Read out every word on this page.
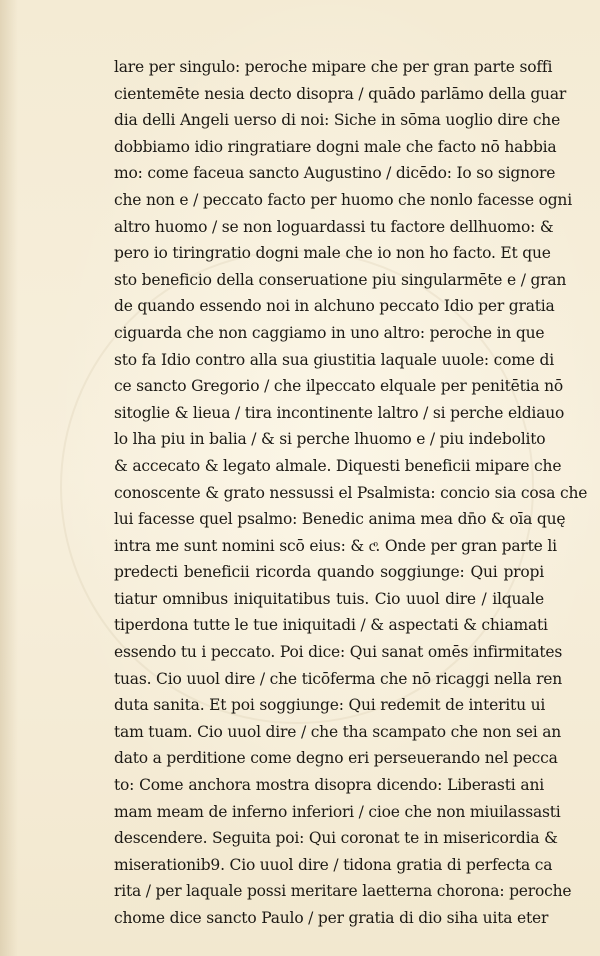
lare per singulo: peroche mipare che per gran parte soffi
cientemēte nesia decto disopra / quādo parlāmo della guar
dia delli Angeli uerso di noi: Siche in sōma uoglio dire che
dobbiamo idio ringratiare dogni male che facto nō habbia
mo: come faceua sancto Augustino / dicēdo: Io so signore
che non e / peccato facto per huomo che nonlo facesse ogni
altro huomo / se non loguardassi tu factore dellhuomo: &
pero io tiringratio dogni male che io non ho facto. Et que
sto beneficio della conseruatione piu singularmēte e / gran
de quando essendo noi in alchuno peccato Idio per gratia
ciguarda che non caggiamo in uno altro: peroche in que
sto fa Idio contro alla sua giustitia laquale uuole: come di
ce sancto Gregorio / che ilpeccato elquale per penitētia nō
sitoglie & lieua / tira incontinente laltro / si perche eldiauo
lo lha piu in balia / & si perche lhuomo e / piu indebolito
& accecato & legato almale. Diquesti beneficii mipare che
conoscente & grato nessussi el Psalmista: concio sia cosa che
lui facesse quel psalmo: Benedic anima mea dn̄o & oīa quę
intra me sunt nomini scō eius: & cͦ. Onde per gran parte li
predecti beneficii ricorda quando soggiunge: Qui propi
tiatur omnibus iniquitatibus tuis. Cio uuol dire / ilquale
tiperdona tutte le tue iniquitadi / & aspectati & chiamati
essendo tu i peccato. Poi dice: Qui sanat omēs infirmitates
tuas. Cio uuol dire / che ticōferma che nō ricaggi nella ren
duta sanita. Et poi soggiunge: Qui redemit de interitu ui
tam tuam. Cio uuol dire / che tha scampato che non sei an
dato a perditione come degno eri perseuerando nel pecca
to: Come anchora mostra disopra dicendo: Liberasti ani
mam meam de inferno inferiori / cioe che non miuilassasti
descendere. Seguita poi: Qui coronat te in misericordia &
miserationib9. Cio uuol dire / tidona gratia di perfecta ca
rita / per laquale possi meritare laetterna chorona: peroche
chome dice sancto Paulo / per gratia di dio siha uita eter
